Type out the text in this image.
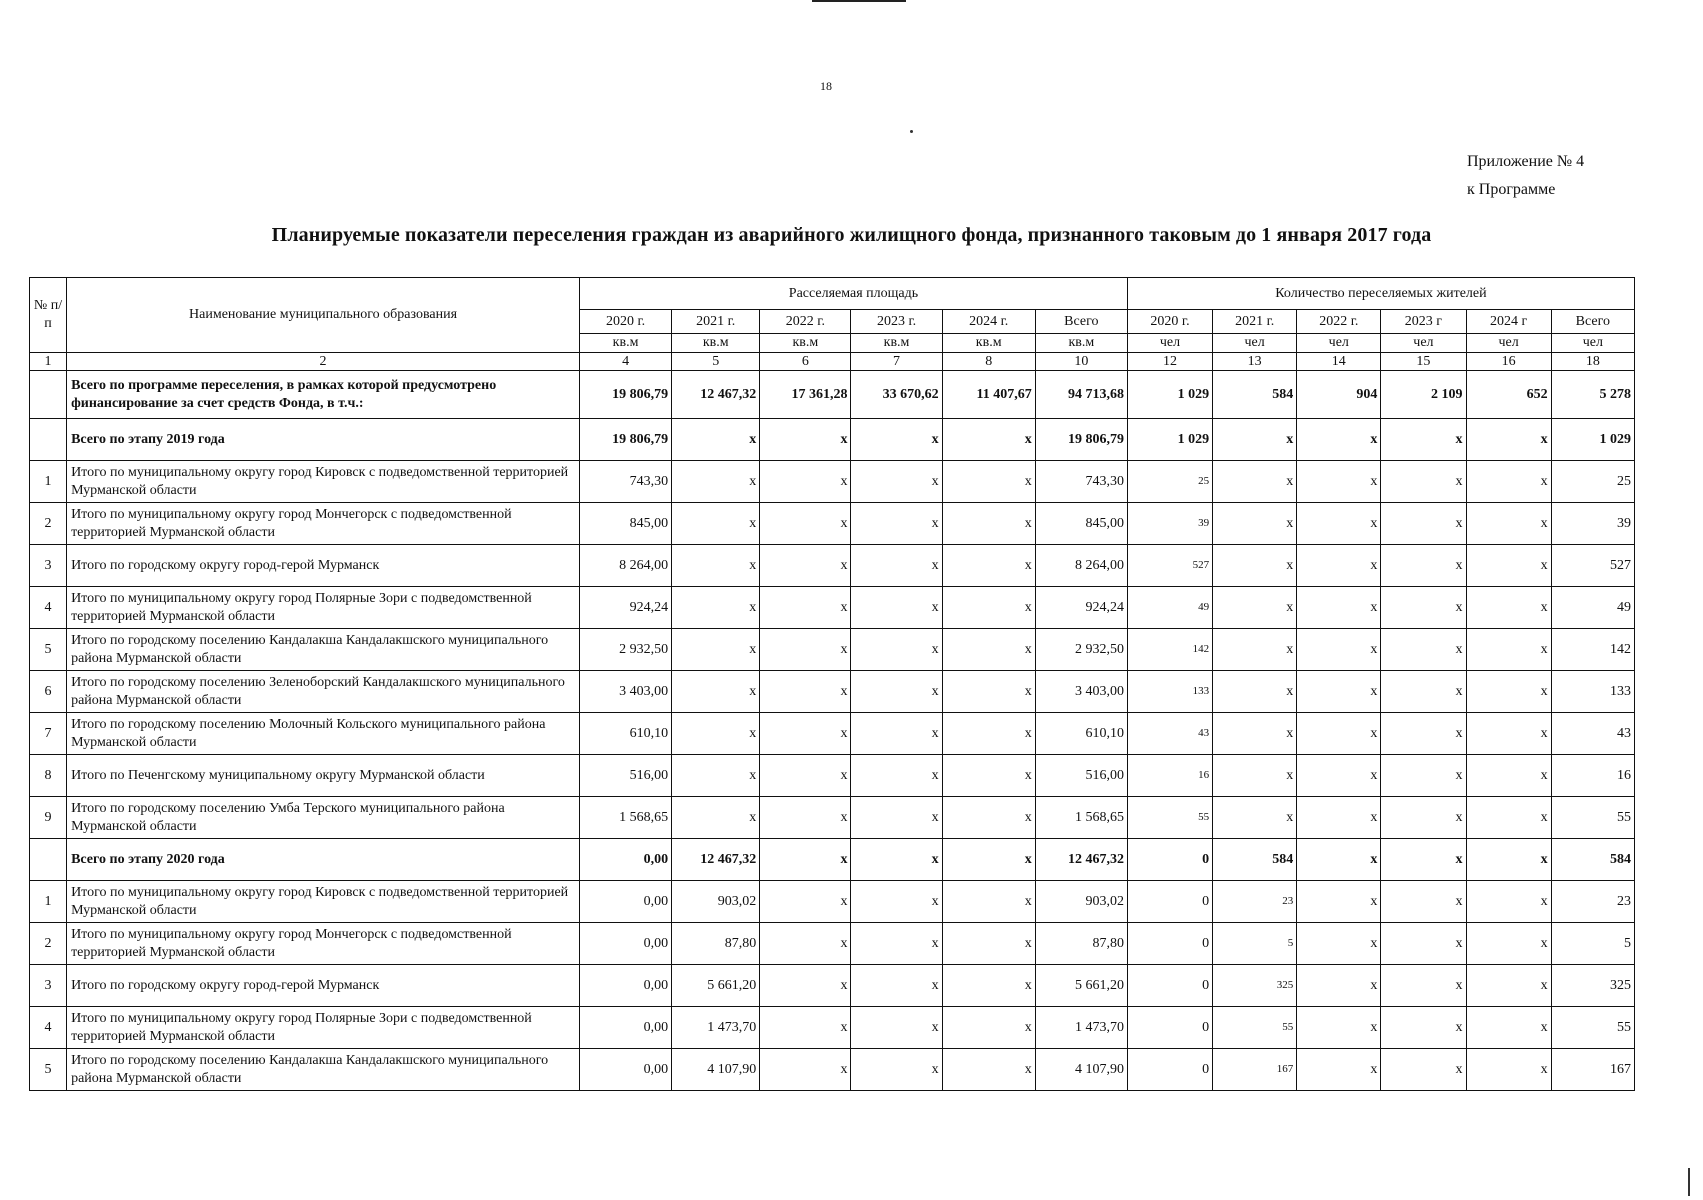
18
Приложение № 4
к Программе
Планируемые показатели переселения граждан из аварийного жилищного фонда, признанного таковым до 1 января 2017 года
№ п/п	Наименование муниципального образования	Расселяемая площадь						Количество переселяемых жителей					
		2020 г.	2021 г.	2022 г.	2023 г.	2024 г.	Всего	2020 г.	2021 г.	2022 г.	2023 г	2024 г	Всего
		кв.м	кв.м	кв.м	кв.м	кв.м	кв.м	чел	чел	чел	чел	чел	чел
1	2	4	5	6	7	8	10	12	13	14	15	16	18
	Всего по программе переселения, в рамках которой предусмотрено финансирование за счет средств Фонда, в т.ч.:	19 806,79	12 467,32	17 361,28	33 670,62	11 407,67	94 713,68	1 029	584	904	2 109	652	5 278
	Всего по этапу 2019 года	19 806,79	x	x	x	x	19 806,79	1 029	x	x	x	x	1 029
1	Итого по муниципальному округу город Кировск с подведомственной территорией Мурманской области	743,30	x	x	x	x	743,30	25	x	x	x	x	25
2	Итого по муниципальному округу город Мончегорск с подведомственной территорией Мурманской области	845,00	x	x	x	x	845,00	39	x	x	x	x	39
3	Итого по городскому округу город-герой Мурманск	8 264,00	x	x	x	x	8 264,00	527	x	x	x	x	527
4	Итого по муниципальному округу город Полярные Зори с подведомственной территорией Мурманской области	924,24	x	x	x	x	924,24	49	x	x	x	x	49
5	Итого по городскому поселению Кандалакша Кандалакшского муниципального района Мурманской области	2 932,50	x	x	x	x	2 932,50	142	x	x	x	x	142
6	Итого по городскому поселению Зеленоборский Кандалакшского муниципального района Мурманской области	3 403,00	x	x	x	x	3 403,00	133	x	x	x	x	133
7	Итого по городскому поселению Молочный Кольского муниципального района Мурманской области	610,10	x	x	x	x	610,10	43	x	x	x	x	43
8	Итого по Печенгскому муниципальному округу Мурманской области	516,00	x	x	x	x	516,00	16	x	x	x	x	16
9	Итого по городскому поселению Умба Терского муниципального района Мурманской области	1 568,65	x	x	x	x	1 568,65	55	x	x	x	x	55
	Всего по этапу 2020 года	0,00	12 467,32	x	x	x	12 467,32	0	584	x	x	x	584
1	Итого по муниципальному округу город Кировск с подведомственной территорией Мурманской области	0,00	903,02	x	x	x	903,02	0	23	x	x	x	23
2	Итого по муниципальному округу город Мончегорск с подведомственной территорией Мурманской области	0,00	87,80	x	x	x	87,80	0	5	x	x	x	5
3	Итого по городскому округу город-герой Мурманск	0,00	5 661,20	x	x	x	5 661,20	0	325	x	x	x	325
4	Итого по муниципальному округу город Полярные Зори с подведомственной территорией Мурманской области	0,00	1 473,70	x	x	x	1 473,70	0	55	x	x	x	55
5	Итого по городскому поселению Кандалакша Кандалакшского муниципального района Мурманской области	0,00	4 107,90	x	x	x	4 107,90	0	167	x	x	x	167
